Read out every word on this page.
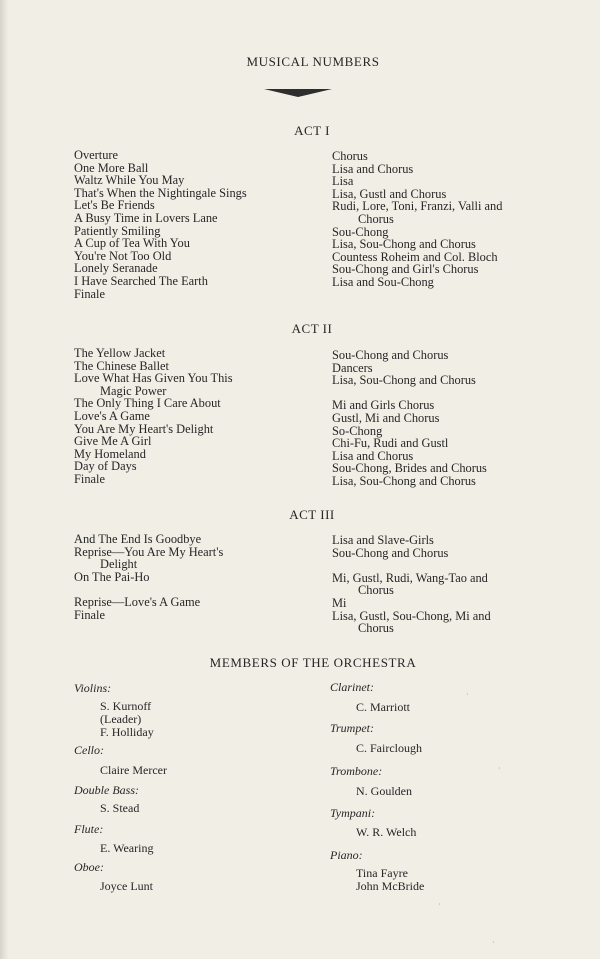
MUSICAL NUMBERS
ACT I
Overture
One More Ball
Waltz While You May
That's When the Nightingale Sings
Let's Be Friends
A Busy Time in Lovers Lane
Patiently Smiling
A Cup of Tea With You
You're Not Too Old
Lonely Seranade
I Have Searched The Earth
Finale
Chorus
Lisa and Chorus
Lisa
Lisa, Gustl and Chorus
Rudi, Lore, Toni, Franzi, Valli and
Chorus
Sou-Chong
Lisa, Sou-Chong and Chorus
Countess Roheim and Col. Bloch
Sou-Chong and Girl's Chorus
Lisa and Sou-Chong
ACT II
The Yellow Jacket
The Chinese Ballet
Love What Has Given You This
Magic Power
The Only Thing I Care About
Love's A Game
You Are My Heart's Delight
Give Me A Girl
My Homeland
Day of Days
Finale
Sou-Chong and Chorus
Dancers
Lisa, Sou-Chong and Chorus
Mi and Girls Chorus
Gustl, Mi and Chorus
So-Chong
Chi-Fu, Rudi and Gustl
Lisa and Chorus
Sou-Chong, Brides and Chorus
Lisa, Sou-Chong and Chorus
ACT III
And The End Is Goodbye
Reprise—You Are My Heart's
Delight
On The Pai-Ho
Reprise—Love's A Game
Finale
Lisa and Slave-Girls
Sou-Chong and Chorus
Mi, Gustl, Rudi, Wang-Tao and
Chorus
Mi
Lisa, Gustl, Sou-Chong, Mi and
Chorus
MEMBERS OF THE ORCHESTRA
Violins:
S. Kurnoff
(Leader)
F. Holliday
Cello:
Claire Mercer
Double Bass:
S. Stead
Flute:
E. Wearing
Oboe:
Joyce Lunt
Clarinet:
C. Marriott
Trumpet:
C. Fairclough
Trombone:
N. Goulden
Tympani:
W. R. Welch
Piano:
Tina Fayre
John McBride
·
·
·
·
